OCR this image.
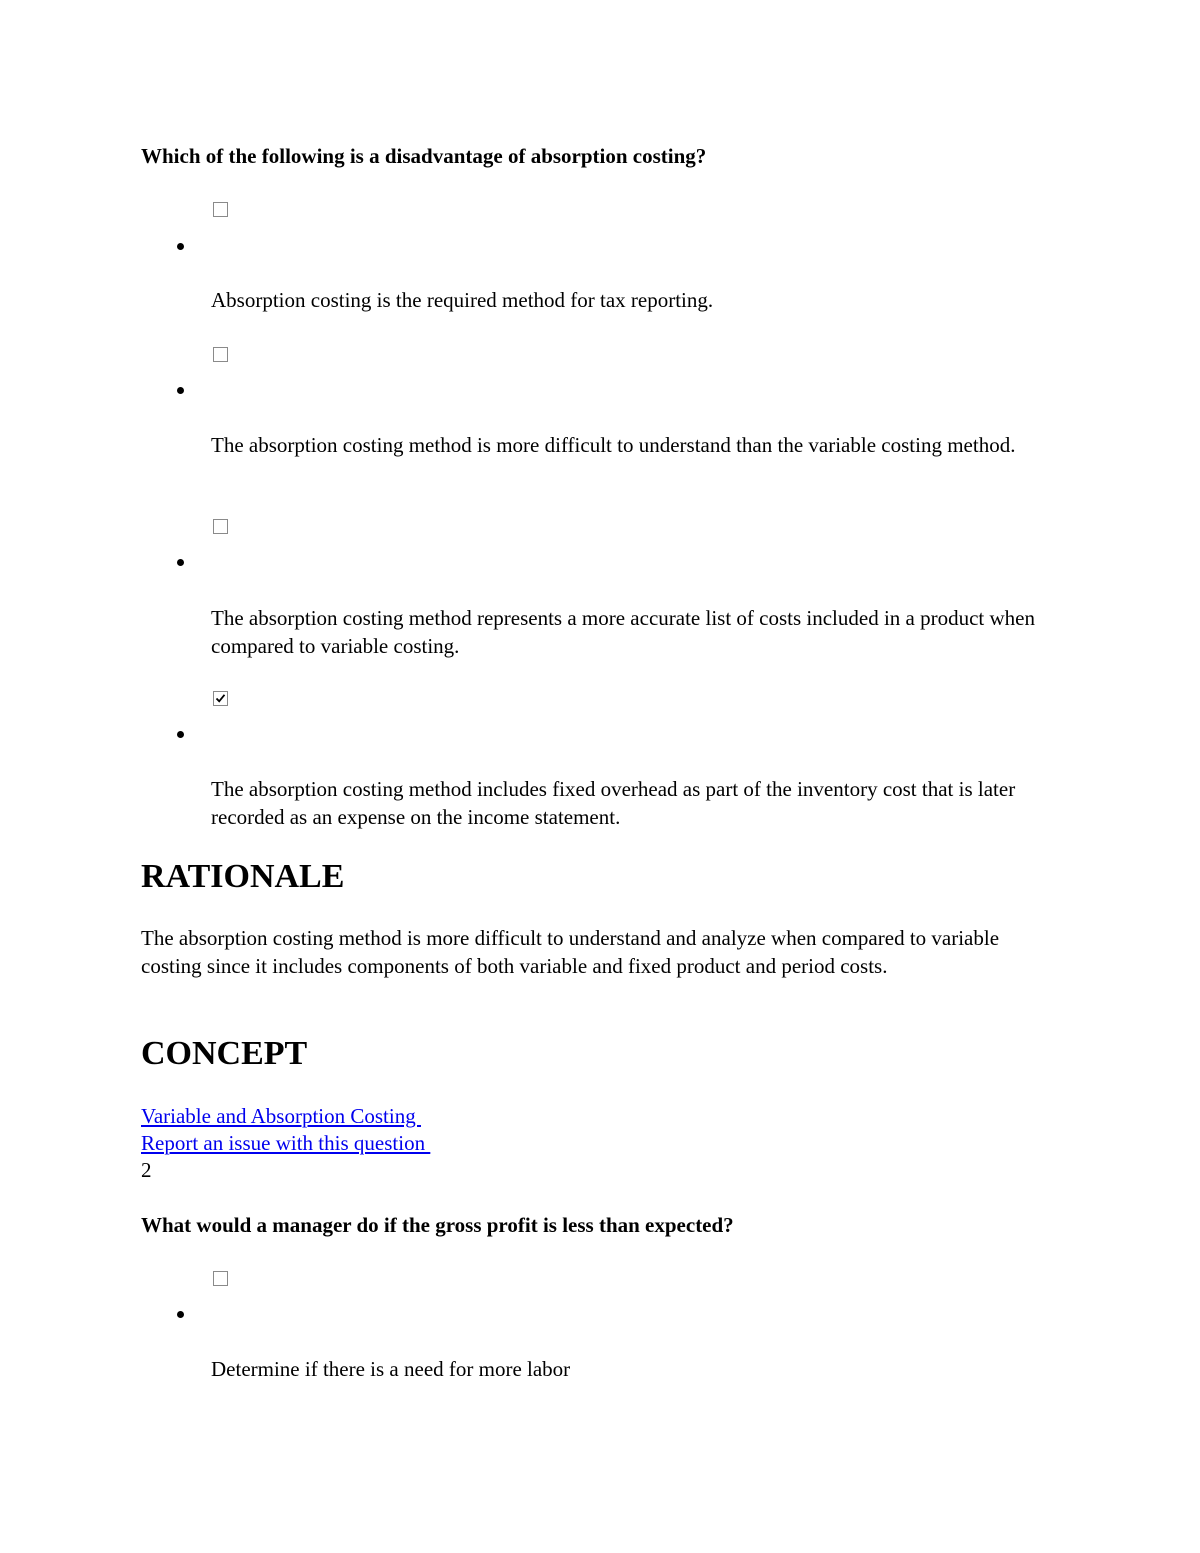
Which of the following is a disadvantage of absorption costing?
Absorption costing is the required method for tax reporting.
The absorption costing method is more difficult to understand than the variable costing method.
The absorption costing method represents a more accurate list of costs included in a product when compared to variable costing.
The absorption costing method includes fixed overhead as part of the inventory cost that is later recorded as an expense on the income statement.
RATIONALE
The absorption costing method is more difficult to understand and analyze when compared to variable costing since it includes components of both variable and fixed product and period costs.
CONCEPT
Variable and Absorption Costing
Report an issue with this question
2
What would a manager do if the gross profit is less than expected?
Determine if there is a need for more labor
